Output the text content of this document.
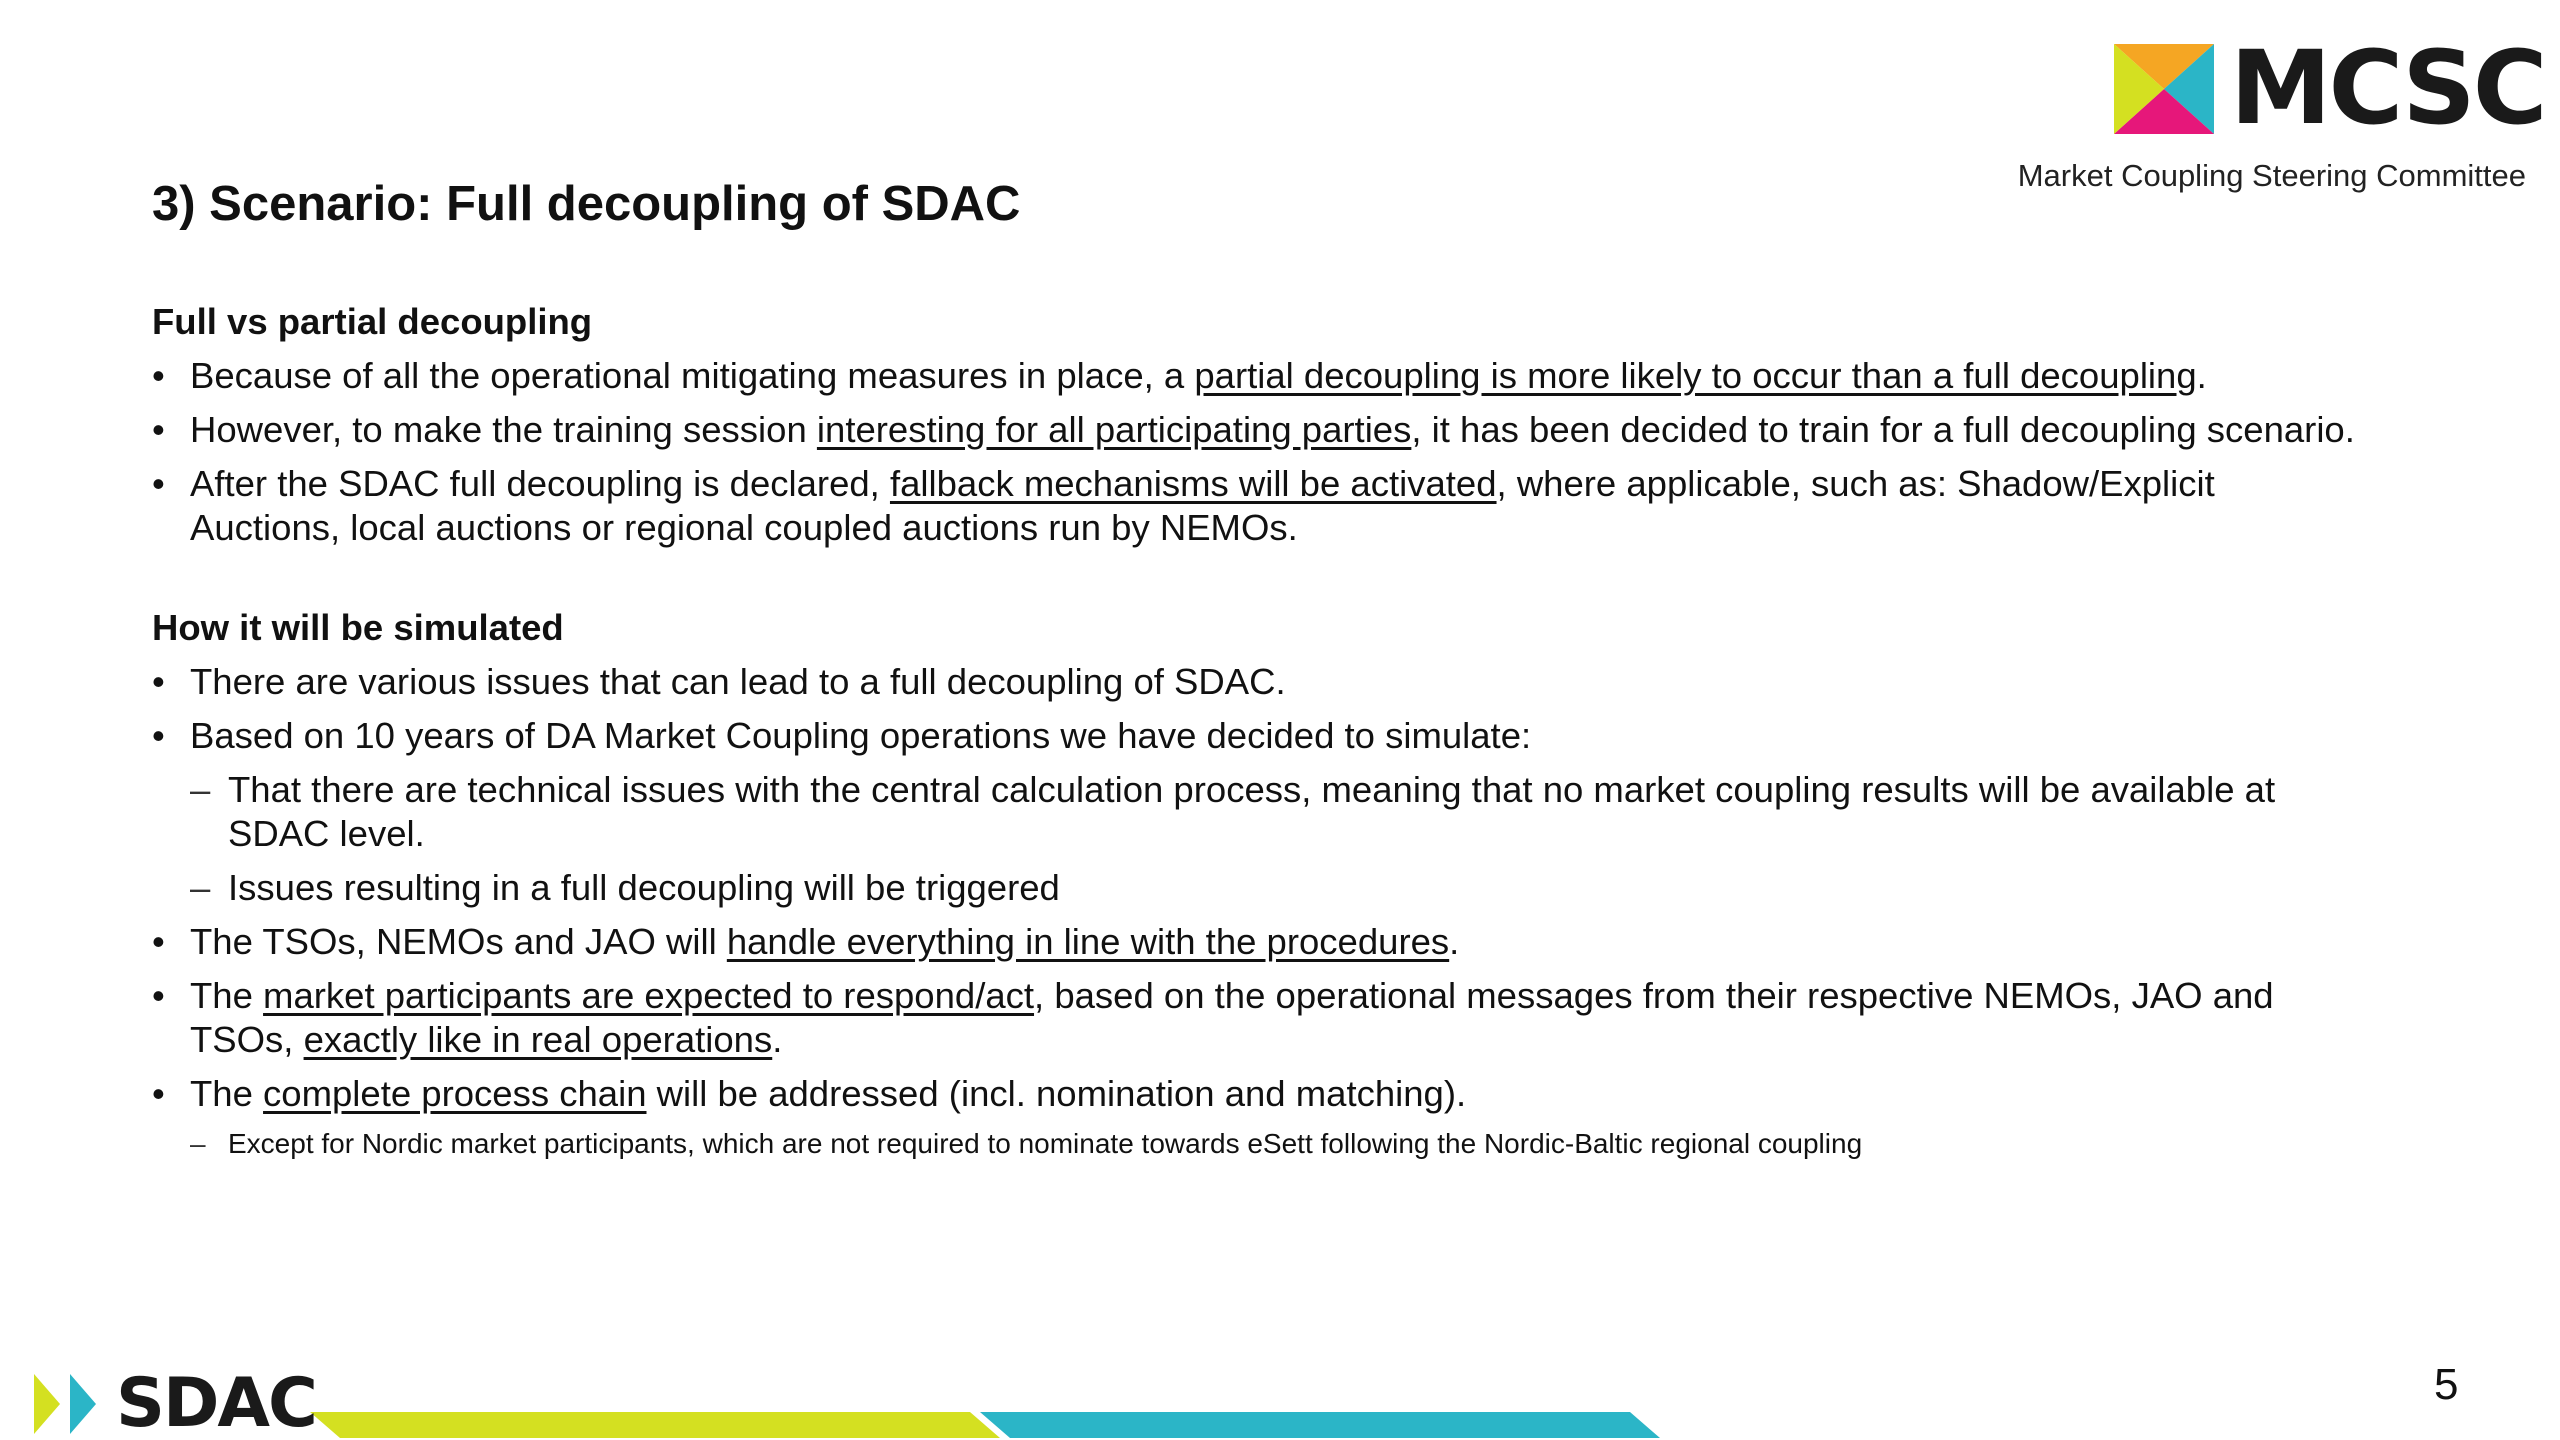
MCSC
Market Coupling Steering Committee
3) Scenario: Full decoupling of SDAC
Full vs partial decoupling
• Because of all the operational mitigating measures in place, a partial decoupling is more likely to occur than a full decoupling.
• However, to make the training session interesting for all participating parties, it has been decided to train for a full decoupling scenario.
• After the SDAC full decoupling is declared, fallback mechanisms will be activated, where applicable, such as: Shadow/Explicit Auctions, local auctions or regional coupled auctions run by NEMOs.
How it will be simulated
• There are various issues that can lead to a full decoupling of SDAC.
• Based on 10 years of DA Market Coupling operations we have decided to simulate:
– That there are technical issues with the central calculation process, meaning that no market coupling results will be available at SDAC level.
– Issues resulting in a full decoupling will be triggered
• The TSOs, NEMOs and JAO will handle everything in line with the procedures.
• The market participants are expected to respond/act, based on the operational messages from their respective NEMOs, JAO and TSOs, exactly like in real operations.
• The complete process chain will be addressed (incl. nomination and matching).
– Except for Nordic market participants, which are not required to nominate towards eSett following the Nordic-Baltic regional coupling
SDAC	5
